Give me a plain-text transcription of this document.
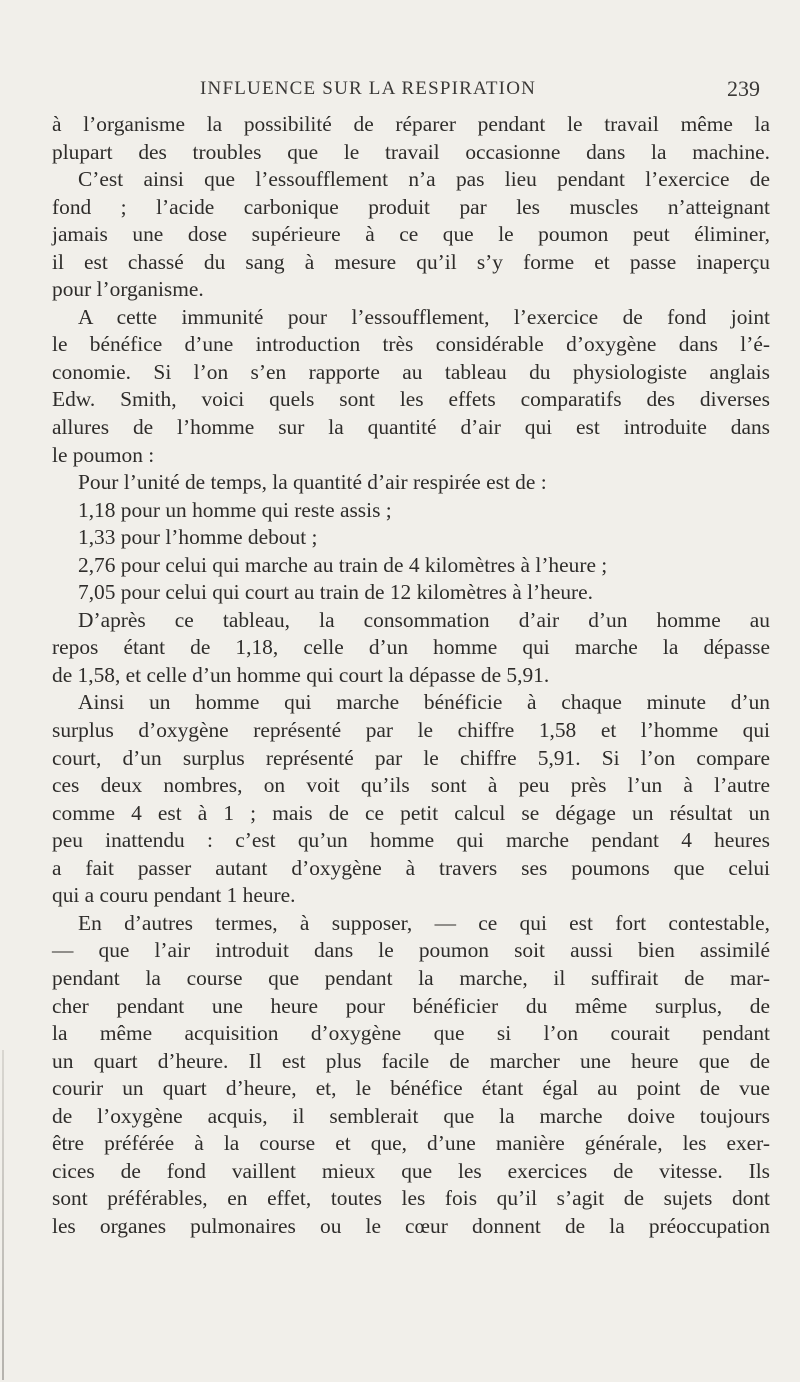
INFLUENCE SUR LA RESPIRATION	239
à l’organisme la possibilité de réparer pendant le travail même la
plupart des troubles que le travail occasionne dans la machine.
C’est ainsi que l’essoufflement n’a pas lieu pendant l’exercice de
fond ; l’acide carbonique produit par les muscles n’atteignant
jamais une dose supérieure à ce que le poumon peut éliminer,
il est chassé du sang à mesure qu’il s’y forme et passe inaperçu
pour l’organisme.
A cette immunité pour l’essoufflement, l’exercice de fond joint
le bénéfice d’une introduction très considérable d’oxygène dans l’é-
conomie. Si l’on s’en rapporte au tableau du physiologiste anglais
Edw. Smith, voici quels sont les effets comparatifs des diverses
allures de l’homme sur la quantité d’air qui est introduite dans
le poumon :
Pour l’unité de temps, la quantité d’air respirée est de :
1,18 pour un homme qui reste assis ;
1,33 pour l’homme debout ;
2,76 pour celui qui marche au train de 4 kilomètres à l’heure ;
7,05 pour celui qui court au train de 12 kilomètres à l’heure.
D’après ce tableau, la consommation d’air d’un homme au
repos étant de 1,18, celle d’un homme qui marche la dépasse
de 1,58, et celle d’un homme qui court la dépasse de 5,91.
Ainsi un homme qui marche bénéficie à chaque minute d’un
surplus d’oxygène représenté par le chiffre 1,58 et l’homme qui
court, d’un surplus représenté par le chiffre 5,91. Si l’on compare
ces deux nombres, on voit qu’ils sont à peu près l’un à l’autre
comme 4 est à 1 ; mais de ce petit calcul se dégage un résultat un
peu inattendu : c’est qu’un homme qui marche pendant 4 heures
a fait passer autant d’oxygène à travers ses poumons que celui
qui a couru pendant 1 heure.
En d’autres termes, à supposer, — ce qui est fort contestable,
— que l’air introduit dans le poumon soit aussi bien assimilé
pendant la course que pendant la marche, il suffirait de mar-
cher pendant une heure pour bénéficier du même surplus, de
la même acquisition d’oxygène que si l’on courait pendant
un quart d’heure. Il est plus facile de marcher une heure que de
courir un quart d’heure, et, le bénéfice étant égal au point de vue
de l’oxygène acquis, il semblerait que la marche doive toujours
être préférée à la course et que, d’une manière générale, les exer-
cices de fond vaillent mieux que les exercices de vitesse. Ils
sont préférables, en effet, toutes les fois qu’il s’agit de sujets dont
les organes pulmonaires ou le cœur donnent de la préoccupation
